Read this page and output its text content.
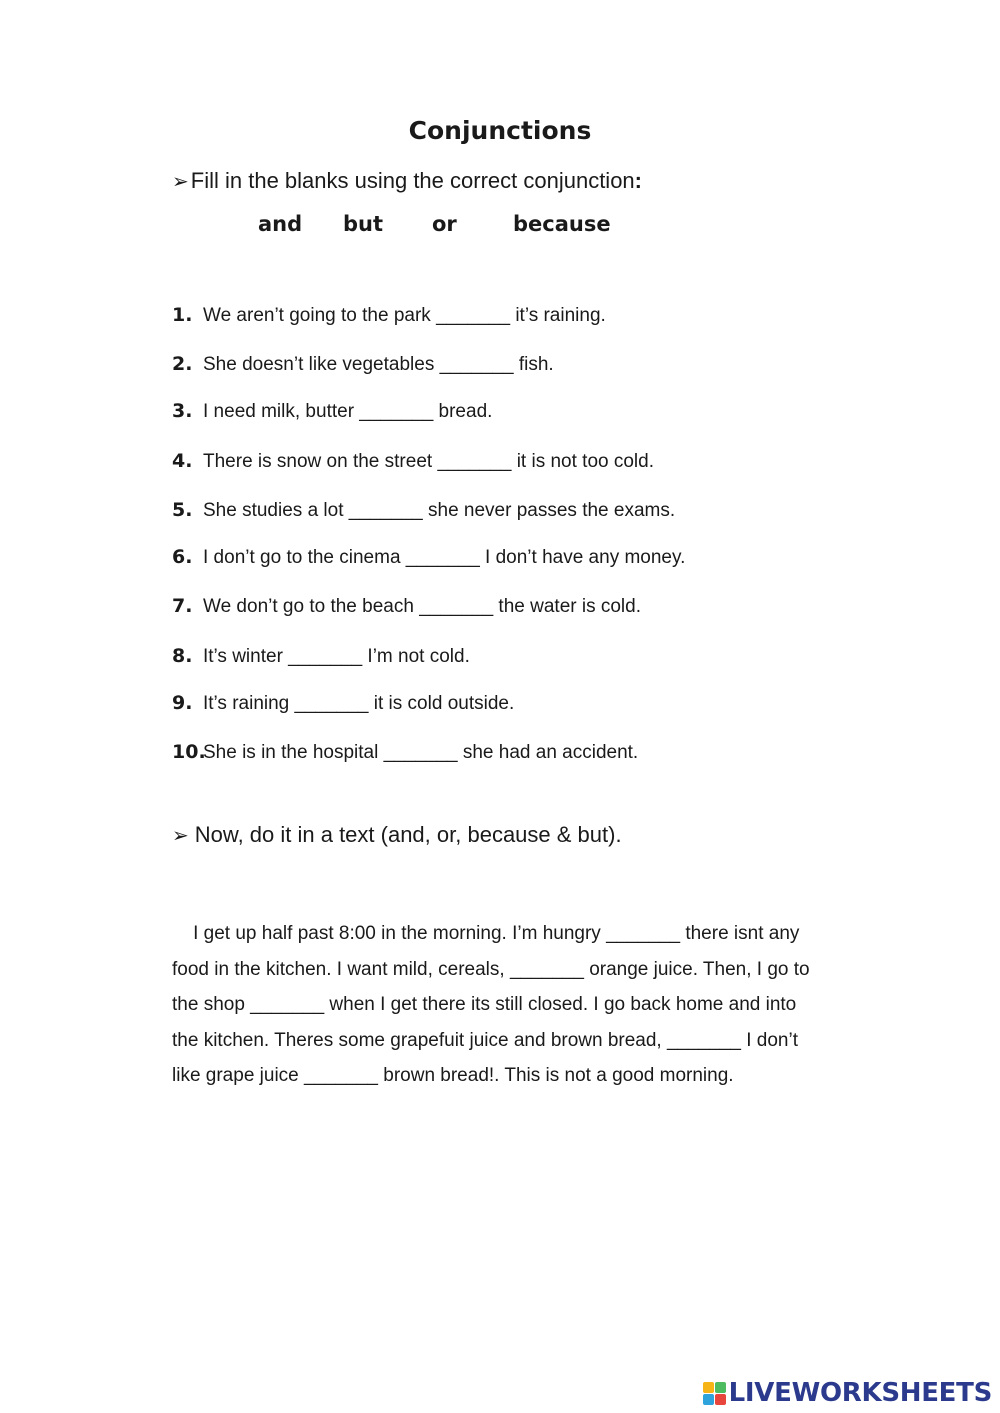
Conjunctions
➢Fill in the blanks using the correct conjunction:
and but or	because
1. We aren’t going to the park _______ it’s raining.
2. She doesn’t like vegetables _______ fish.
3. I need milk, butter _______ bread.
4. There is snow on the street _______ it is not too cold.
5. She studies a lot _______ she never passes the exams.
6. I don’t go to the cinema _______ I don’t have any money.
7. We don’t go to the beach _______ the water is cold.
8. It’s winter _______ I’m not cold.
9. It’s raining _______ it is cold outside.
10.She is in the hospital _______ she had an accident.
➢ Now, do it in a text (and, or, because & but).

I get up half past 8:00 in the morning. I’m hungry _______ there isnt any

food in the kitchen. I want mild, cereals, _______ orange juice. Then, I go to

the shop _______ when I get there its still closed. I go back home and into

the kitchen. Theres some grapefuit juice and brown bread, _______ I don’t

like grape juice _______ brown bread!. This is not a good morning.

LIVEWORKSHEETS
